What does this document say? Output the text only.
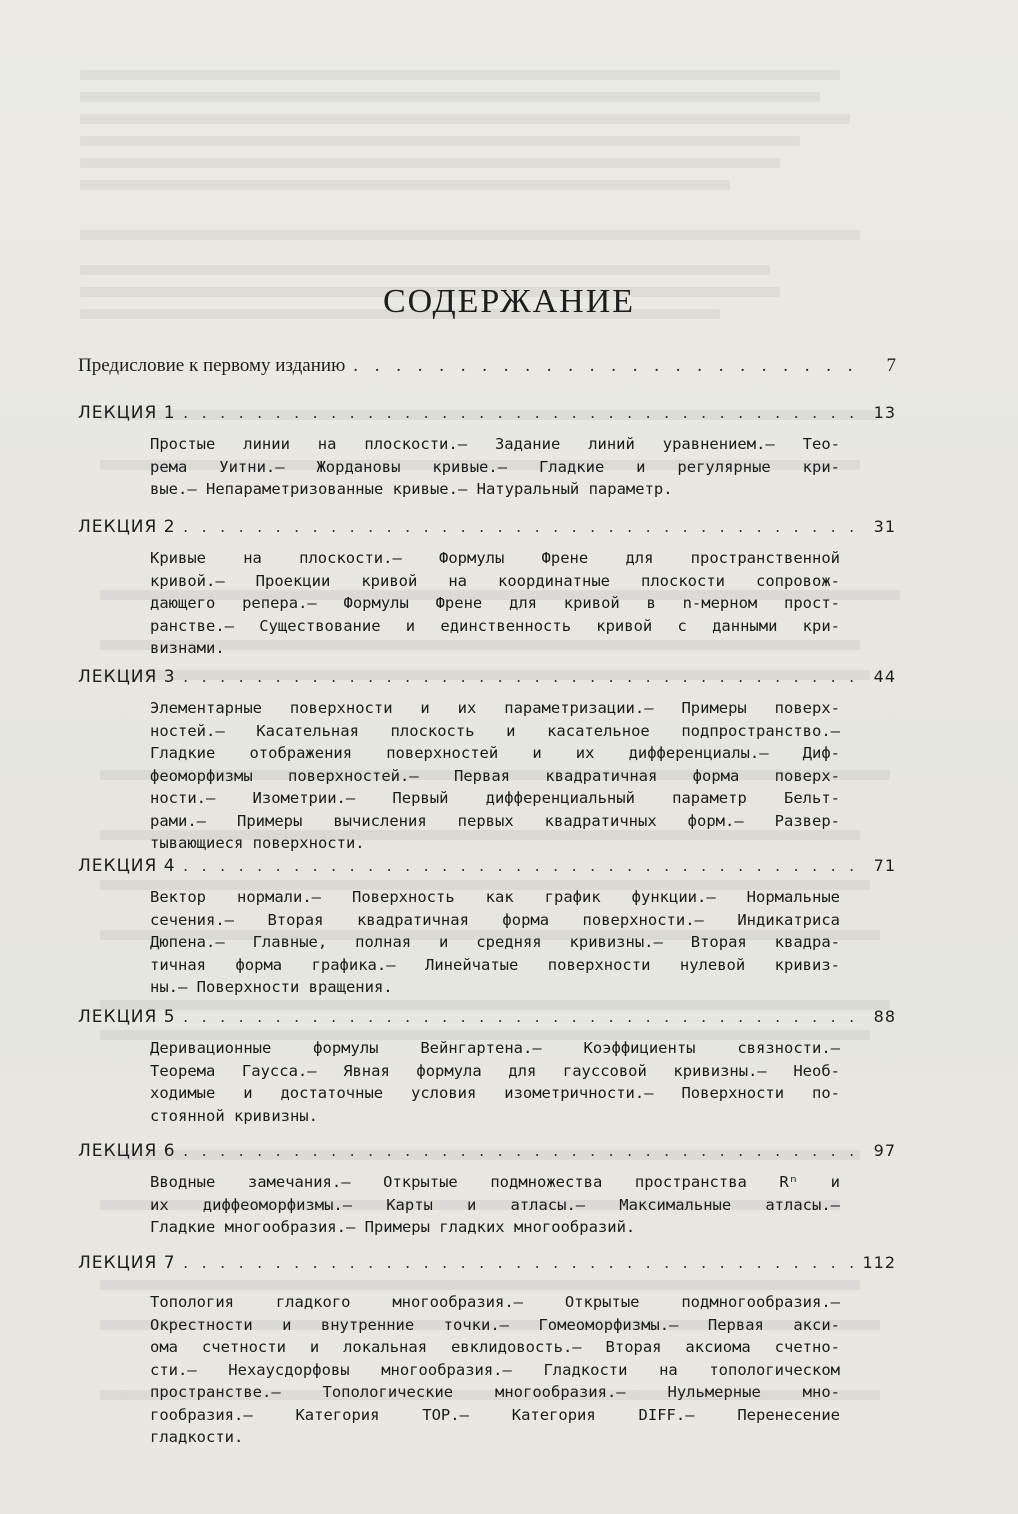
СОДЕРЖАНИЕ
Предисловие к первому изданию . . .	7
ЛЕКЦИЯ 1 . . .	13
Простые линии на плоскости.— Задание линий уравнением.— Тео-
рема Уитни.— Жордановы кривые.— Гладкие и регулярные кри-
вые.— Непараметризованные кривые.— Натуральный параметр.
ЛЕКЦИЯ 2 . . .	31
Кривые на плоскости.— Формулы Френе для пространственной
кривой.— Проекции кривой на координатные плоскости сопровож-
дающего репера.— Формулы Френе для кривой в n-мерном прост-
ранстве.— Существование и единственность кривой с данными кри-
визнами.
ЛЕКЦИЯ 3 . . .	44
Элементарные поверхности и их параметризации.— Примеры поверх-
ностей.— Касательная плоскость и касательное подпространство.—
Гладкие отображения поверхностей и их дифференциалы.— Диф-
феоморфизмы поверхностей.— Первая квадратичная форма поверх-
ности.— Изометрии.— Первый дифференциальный параметр Бельт-
рами.— Примеры вычисления первых квадратичных форм.— Развер-
тывающиеся поверхности.
ЛЕКЦИЯ 4 . . .	71
Вектор нормали.— Поверхность как график функции.— Нормальные
сечения.— Вторая квадратичная форма поверхности.— Индикатриса
Дюпена.— Главные, полная и средняя кривизны.— Вторая квадра-
тичная форма графика.— Линейчатые поверхности нулевой кривиз-
ны.— Поверхности вращения.
ЛЕКЦИЯ 5 . . .	88
Деривационные формулы Вейнгартена.— Коэффициенты связности.—
Теорема Гаусса.— Явная формула для гауссовой кривизны.— Необ-
ходимые и достаточные условия изометричности.— Поверхности по-
стоянной кривизны.
ЛЕКЦИЯ 6 . . .	97
Вводные замечания.— Открытые подмножества пространства Rⁿ и
их диффеоморфизмы.— Карты и атласы.— Максимальные атласы.—
Гладкие многообразия.— Примеры гладких многообразий.
ЛЕКЦИЯ 7 . . .	112
Топология гладкого многообразия.— Открытые подмногообразия.—
Окрестности и внутренние точки.— Гомеоморфизмы.— Первая акси-
ома счетности и локальная евклидовость.— Вторая аксиома счетно-
сти.— Нехаусдорфовы многообразия.— Гладкости на топологическом
пространстве.— Топологические многообразия.— Нульмерные мно-
гообразия.— Категория TOP.— Категория DIFF.— Перенесение
гладкости.
